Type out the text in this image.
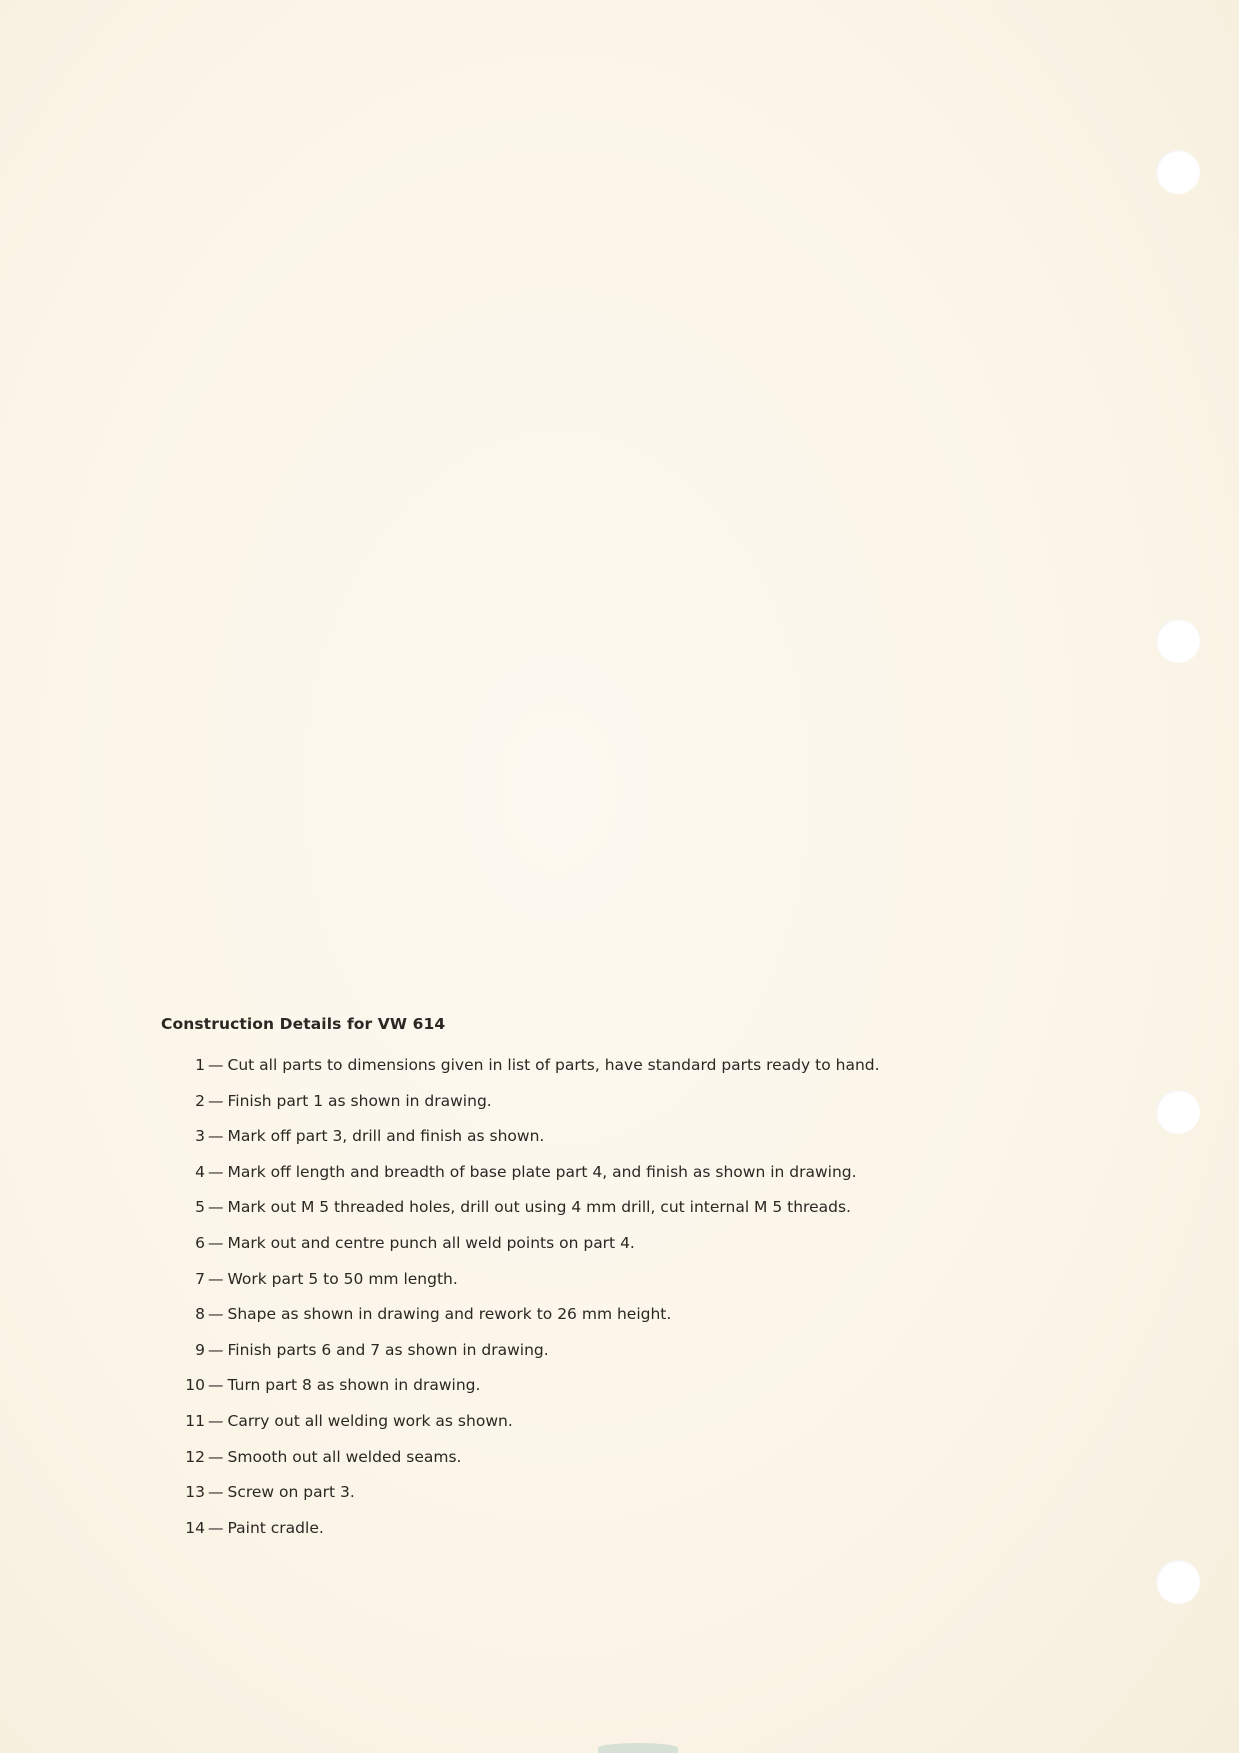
Construction Details for VW 614
1 — Cut all parts to dimensions given in list of parts, have standard parts ready to hand.
2 — Finish part 1 as shown in drawing.
3 — Mark off part 3, drill and finish as shown.
4 — Mark off length and breadth of base plate part 4, and finish as shown in drawing.
5 — Mark out M 5 threaded holes, drill out using 4 mm drill, cut internal M 5 threads.
6 — Mark out and centre punch all weld points on part 4.
7 — Work part 5 to 50 mm length.
8 — Shape as shown in drawing and rework to 26 mm height.
9 — Finish parts 6 and 7 as shown in drawing.
10 — Turn part 8 as shown in drawing.
11 — Carry out all welding work as shown.
12 — Smooth out all welded seams.
13 — Screw on part 3.
14 — Paint cradle.
